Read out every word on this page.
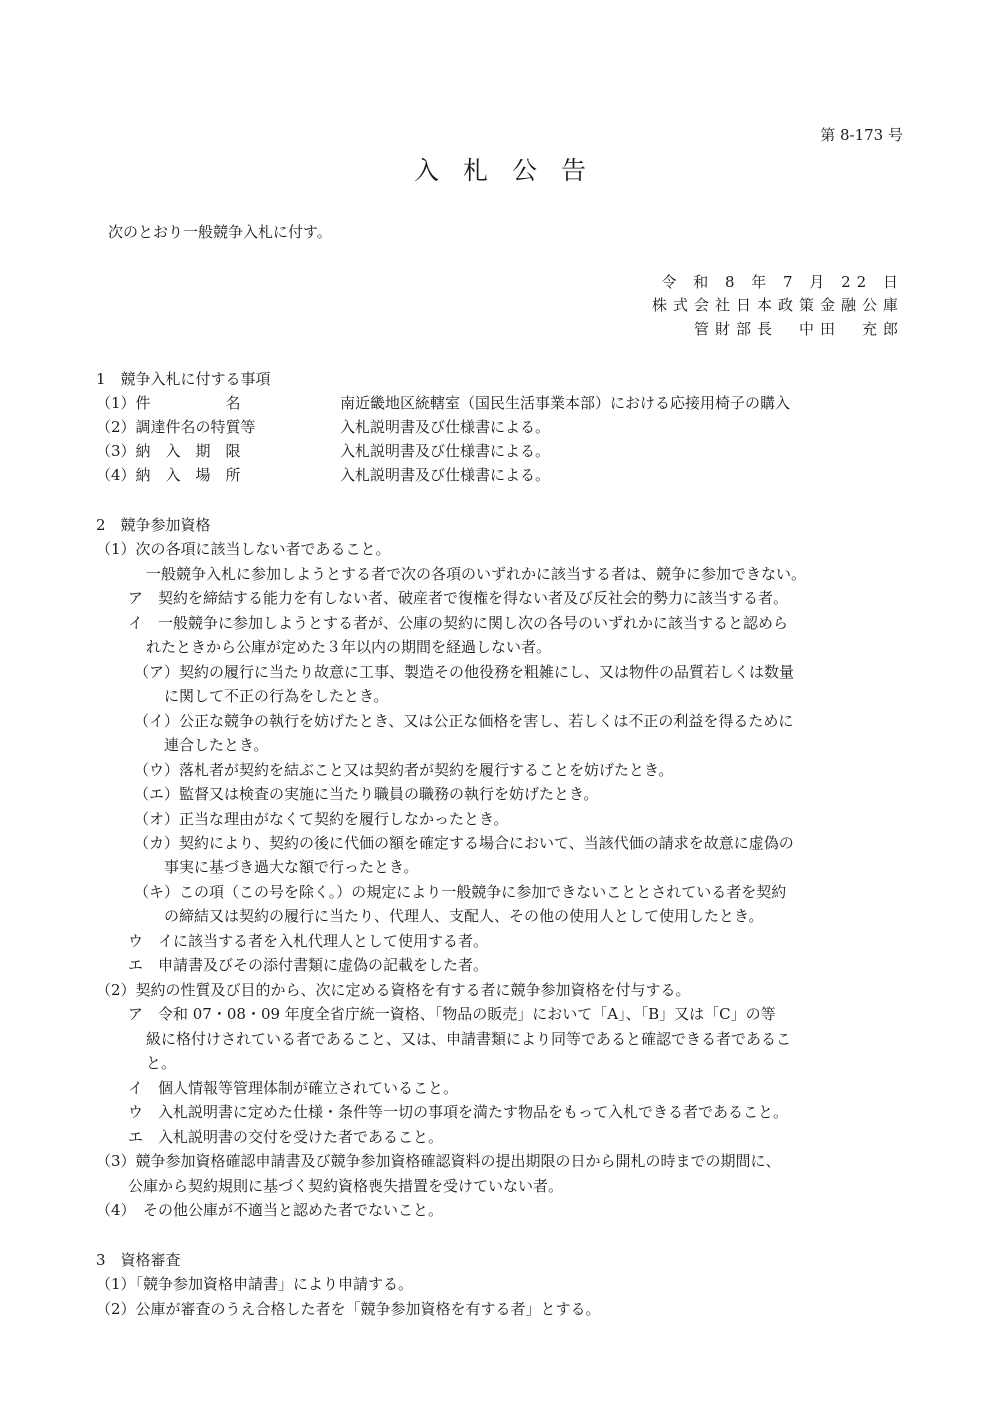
第 8-173 号
入札公告
次のとおり一般競争入札に付す。
令 和 8 年 7 月 22 日
株式会社日本政策金融公庫
管財部長　中田　充郎
1　競争入札に付する事項
（1）件　　　　　名	南近畿地区統轄室（国民生活事業本部）における応接用椅子の購入
（2）調達件名の特質等	入札説明書及び仕様書による。
（3）納　入　期　限	入札説明書及び仕様書による。
（4）納　入　場　所	入札説明書及び仕様書による。
2　競争参加資格
（1）次の各項に該当しない者であること。
一般競争入札に参加しようとする者で次の各項のいずれかに該当する者は、競争に参加できない。
ア　契約を締結する能力を有しない者、破産者で復権を得ない者及び反社会的勢力に該当する者。
イ　一般競争に参加しようとする者が、公庫の契約に関し次の各号のいずれかに該当すると認めら
れたときから公庫が定めた３年以内の期間を経過しない者。
（ア）契約の履行に当たり故意に工事、製造その他役務を粗雑にし、又は物件の品質若しくは数量
に関して不正の行為をしたとき。
（イ）公正な競争の執行を妨げたとき、又は公正な価格を害し、若しくは不正の利益を得るために
連合したとき。
（ウ）落札者が契約を結ぶこと又は契約者が契約を履行することを妨げたとき。
（エ）監督又は検査の実施に当たり職員の職務の執行を妨げたとき。
（オ）正当な理由がなくて契約を履行しなかったとき。
（カ）契約により、契約の後に代価の額を確定する場合において、当該代価の請求を故意に虚偽の
事実に基づき過大な額で行ったとき。
（キ）この項（この号を除く。）の規定により一般競争に参加できないこととされている者を契約
の締結又は契約の履行に当たり、代理人、支配人、その他の使用人として使用したとき。
ウ　イに該当する者を入札代理人として使用する者。
エ　申請書及びその添付書類に虚偽の記載をした者。
（2）契約の性質及び目的から、次に定める資格を有する者に競争参加資格を付与する。
ア　令和 07・08・09 年度全省庁統一資格、「物品の販売」において「A」、「B」又は「C」の等
級に格付けされている者であること、又は、申請書類により同等であると確認できる者であるこ
と。
イ　個人情報等管理体制が確立されていること。
ウ　入札説明書に定めた仕様・条件等一切の事項を満たす物品をもって入札できる者であること。
エ　入札説明書の交付を受けた者であること。
（3）競争参加資格確認申請書及び競争参加資格確認資料の提出期限の日から開札の時までの期間に、
公庫から契約規則に基づく契約資格喪失措置を受けていない者。
（4）　その他公庫が不適当と認めた者でないこと。
3　資格審査
（1）「競争参加資格申請書」により申請する。
（2）公庫が審査のうえ合格した者を「競争参加資格を有する者」とする。
